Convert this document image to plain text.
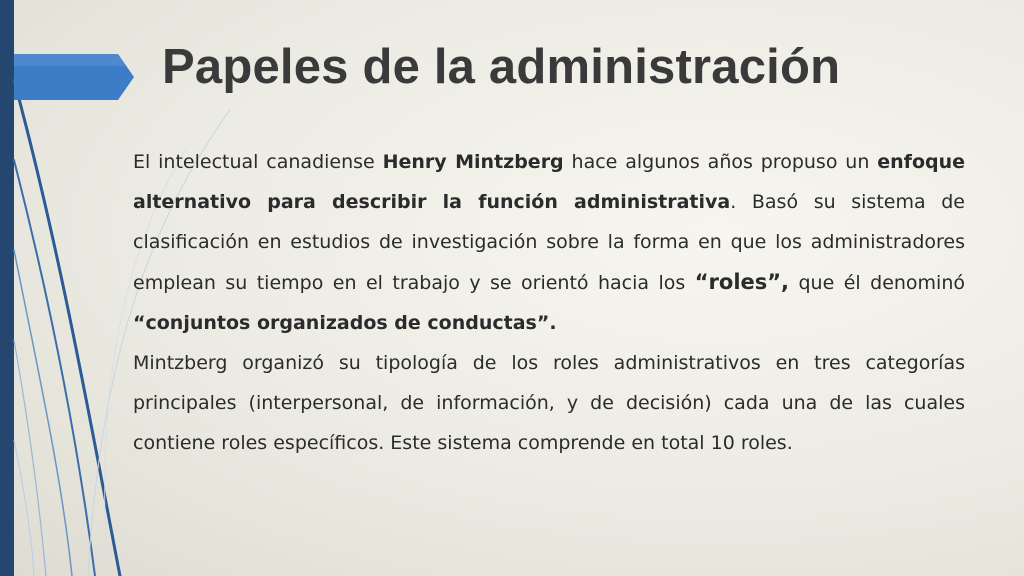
Papeles de la administración

El intelectual canadiense Henry Mintzberg hace algunos años propuso un enfoque alternativo para describir la función administrativa. Basó su sistema de clasificación en estudios de investigación sobre la forma en que los administradores emplean su tiempo en el trabajo y se orientó hacia los “roles”, que él denominó “conjuntos organizados de conductas”.

Mintzberg organizó su tipología de los roles administrativos en tres categorías principales (interpersonal, de información, y de decisión) cada una de las cuales contiene roles específicos. Este sistema comprende en total 10 roles.
